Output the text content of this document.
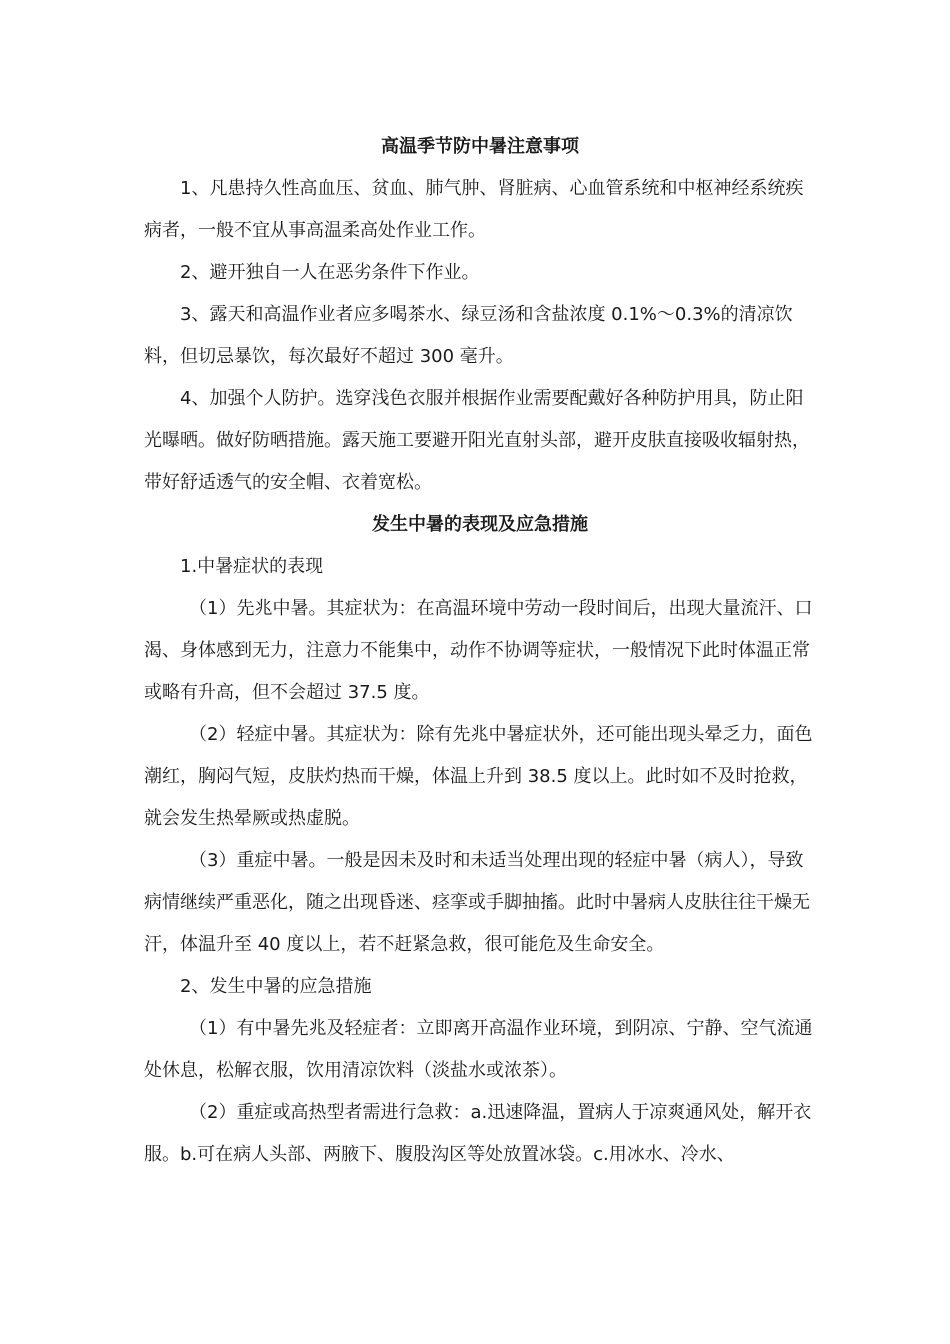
高温季节防中暑注意事项

1、凡患持久性高血压、贫血、肺气肿、肾脏病、心血管系统和中枢神经系统疾病者，一般不宜从事高温柔高处作业工作。

2、避开独自一人在恶劣条件下作业。

3、露天和高温作业者应多喝茶水、绿豆汤和含盐浓度 0.1%～0.3%的清凉饮料，但切忌暴饮，每次最好不超过 300 毫升。

4、加强个人防护。选穿浅色衣服并根据作业需要配戴好各种防护用具，防止阳光曝晒。做好防晒措施。露天施工要避开阳光直射头部，避开皮肤直接吸收辐射热，带好舒适透气的安全帽、衣着宽松。

发生中暑的表现及应急措施

1.中暑症状的表现

（1）先兆中暑。其症状为：在高温环境中劳动一段时间后，出现大量流汗、口渴、身体感到无力，注意力不能集中，动作不协调等症状，一般情况下此时体温正常或略有升高，但不会超过 37.5 度。

（2）轻症中暑。其症状为：除有先兆中暑症状外，还可能出现头晕乏力，面色潮红，胸闷气短，皮肤灼热而干燥，体温上升到 38.5 度以上。此时如不及时抢救，就会发生热晕厥或热虚脱。

（3）重症中暑。一般是因未及时和未适当处理出现的轻症中暑（病人），导致病情继续严重恶化，随之出现昏迷、痉挛或手脚抽搐。此时中暑病人皮肤往往干燥无汗，体温升至 40 度以上，若不赶紧急救，很可能危及生命安全。

2、发生中暑的应急措施

（1）有中暑先兆及轻症者：立即离开高温作业环境，到阴凉、宁静、空气流通处休息，松解衣服，饮用清凉饮料（淡盐水或浓茶）。

（2）重症或高热型者需进行急救：a.迅速降温，置病人于凉爽通风处，解开衣服。b.可在病人头部、两腋下、腹股沟区等处放置冰袋。c.用冰水、冷水、
